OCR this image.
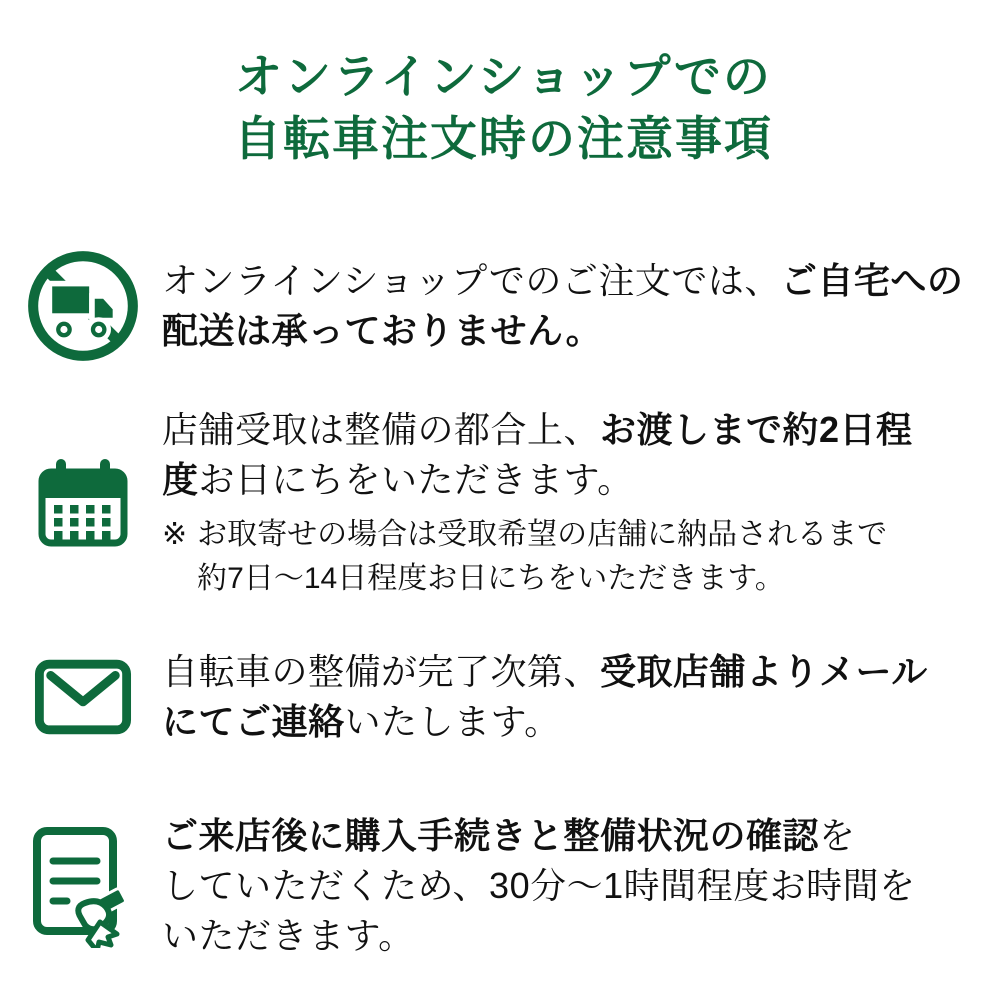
オンラインショップでの
自転車注文時の注意事項
オンラインショップでのご注文では、ご自宅への
配送は承っておりません。
店舗受取は整備の都合上、お渡しまで約2日程
度お日にちをいただきます。
※ お取寄せの場合は受取希望の店舗に納品されるまで
約7日〜14日程度お日にちをいただきます。
自転車の整備が完了次第、受取店舗よりメール
にてご連絡いたします。
ご来店後に購入手続きと整備状況の確認を
していただくため、30分〜1時間程度お時間を
いただきます。
